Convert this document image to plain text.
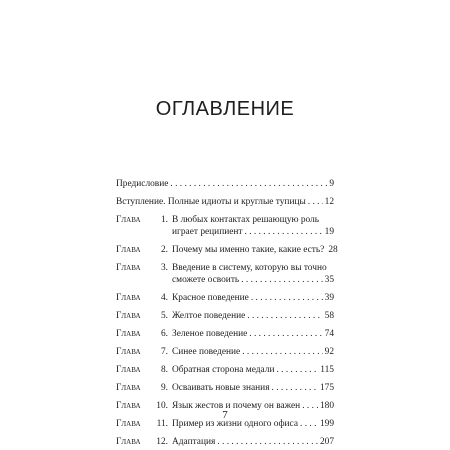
ОГЛАВЛЕНИЕ
Предисловие . . .	9
Вступление. Полные идиоты и круглые тупицы . . . 12
Глава	1. В любых контактах решающую роль
играет реципиент . . .	19
Глава	2. Почему мы именно такие, какие есть? 28
Глава	3. Введение в систему, которую вы точно
сможете освоить . . .	35
Глава	4. Красное поведение . . .	39
Глава	5. Желтое поведение . . .	58
Глава	6. Зеленое поведение . . .	74
Глава	7. Синее поведение . . .	92
Глава	8. Обратная сторона медали . . .	115
Глава	9. Осваивать новые знания . . .	175
Глава	10. Язык жестов и почему он важен . . . 180
Глава	11. Пример из жизни одного офиса . . . 199
Глава	12. Адаптация . . .	207
7
